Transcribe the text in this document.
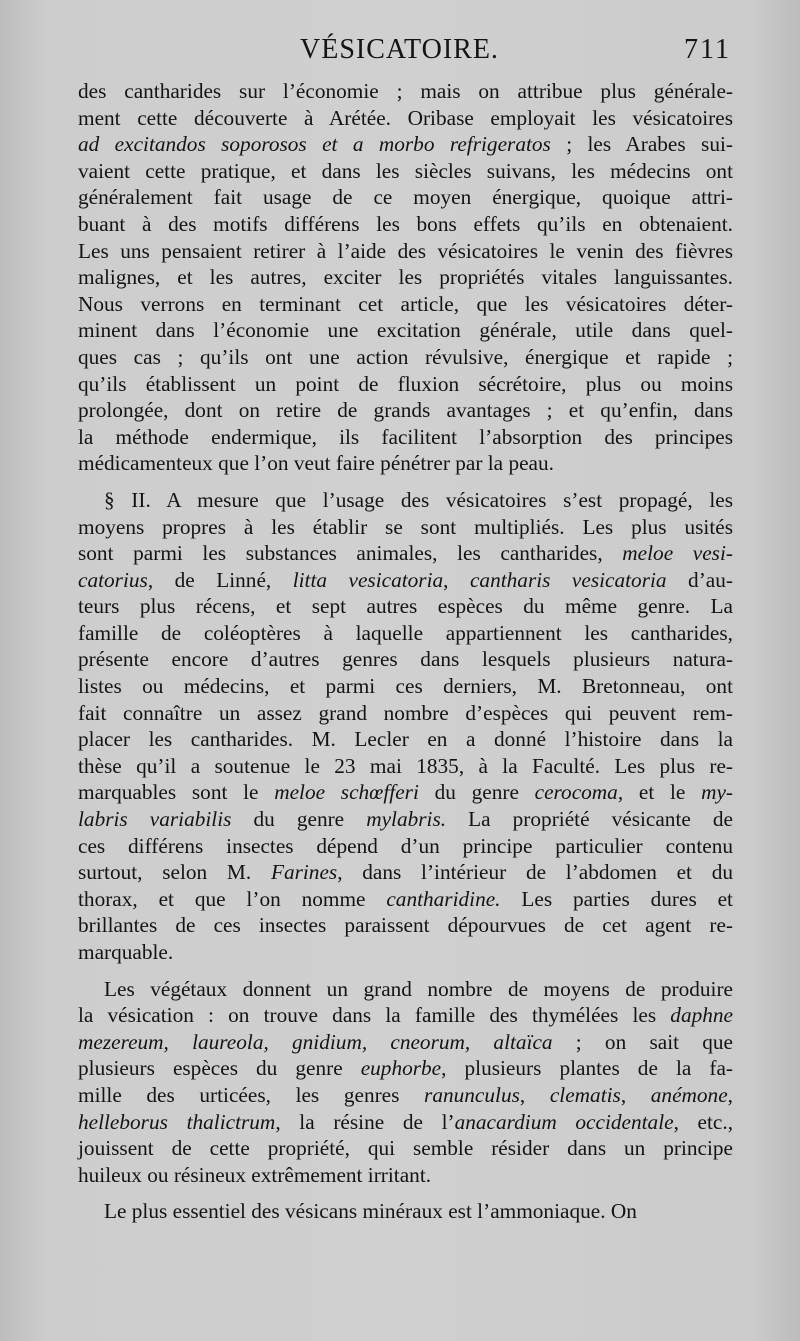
VÉSICATOIRE.	711
des cantharides sur l’économie ; mais on attribue plus générale-
ment cette découverte à Arétée. Oribase employait les vésicatoires
ad excitandos soporosos et a morbo refrigeratos ; les Arabes sui-
vaient cette pratique, et dans les siècles suivans, les médecins ont
généralement fait usage de ce moyen énergique, quoique attri-
buant à des motifs différens les bons effets qu’ils en obtenaient.
Les uns pensaient retirer à l’aide des vésicatoires le venin des fièvres
malignes, et les autres, exciter les propriétés vitales languissantes.
Nous verrons en terminant cet article, que les vésicatoires déter-
minent dans l’économie une excitation générale, utile dans quel-
ques cas ; qu’ils ont une action révulsive, énergique et rapide ;
qu’ils établissent un point de fluxion sécrétoire, plus ou moins
prolongée, dont on retire de grands avantages ; et qu’enfin, dans
la méthode endermique, ils facilitent l’absorption des principes
médicamenteux que l’on veut faire pénétrer par la peau.
§ II. A mesure que l’usage des vésicatoires s’est propagé, les
moyens propres à les établir se sont multipliés. Les plus usités
sont parmi les substances animales, les cantharides, meloe vesi-
catorius, de Linné, litta vesicatoria, cantharis vesicatoria d’au-
teurs plus récens, et sept autres espèces du même genre. La
famille de coléoptères à laquelle appartiennent les cantharides,
présente encore d’autres genres dans lesquels plusieurs natura-
listes ou médecins, et parmi ces derniers, M. Bretonneau, ont
fait connaître un assez grand nombre d’espèces qui peuvent rem-
placer les cantharides. M. Lecler en a donné l’histoire dans la
thèse qu’il a soutenue le 23 mai 1835, à la Faculté. Les plus re-
marquables sont le meloe schœfferi du genre cerocoma, et le my-
labris variabilis du genre mylabris. La propriété vésicante de
ces différens insectes dépend d’un principe particulier contenu
surtout, selon M. Farines, dans l’intérieur de l’abdomen et du
thorax, et que l’on nomme cantharidine. Les parties dures et
brillantes de ces insectes paraissent dépourvues de cet agent re-
marquable.
Les végétaux donnent un grand nombre de moyens de produire
la vésication : on trouve dans la famille des thymélées les daphne
mezereum, laureola, gnidium, cneorum, altaïca ; on sait que
plusieurs espèces du genre euphorbe, plusieurs plantes de la fa-
mille des urticées, les genres ranunculus, clematis, anémone,
helleborus thalictrum, la résine de l’anacardium occidentale, etc.,
jouissent de cette propriété, qui semble résider dans un principe
huileux ou résineux extrêmement irritant.
Le plus essentiel des vésicans minéraux est l’ammoniaque. On
